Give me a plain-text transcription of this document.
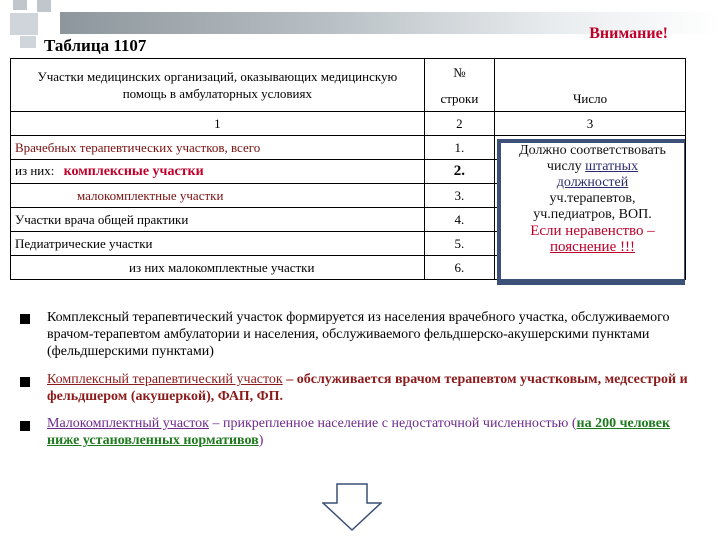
Таблица 1107
Внимание!
Участки медицинских организаций, оказывающих медицинскую помощь в амбулаторных условиях	№	
	строки	Число
1	2	3
Врачебных терапевтических участков, всего	1.	
из них: комплексные участки	2.	
малокомплектные участки	3.	
Участки врача общей практики	4.	
Педиатрические участки	5.	
из них малокомплектные участки	6.	
Должно соответствовать
числу штатных
должностей
уч.терапевтов,
уч.педиатров, ВОП.
Если неравенство –
пояснение !!!
Комплексный терапевтический участок формируется из населения врачебного участка, обслуживаемого врачом-терапевтом амбулатории и населения, обслуживаемого фельдшерско-акушерскими пунктами (фельдшерскими пунктами)
Комплексный терапевтический участок – обслуживается врачом терапевтом участковым, медсестрой и фельдшером (акушеркой), ФАП, ФП.
Малокомплектный участок – прикрепленное население с недостаточной численностью (на 200 человек ниже установленных нормативов)
